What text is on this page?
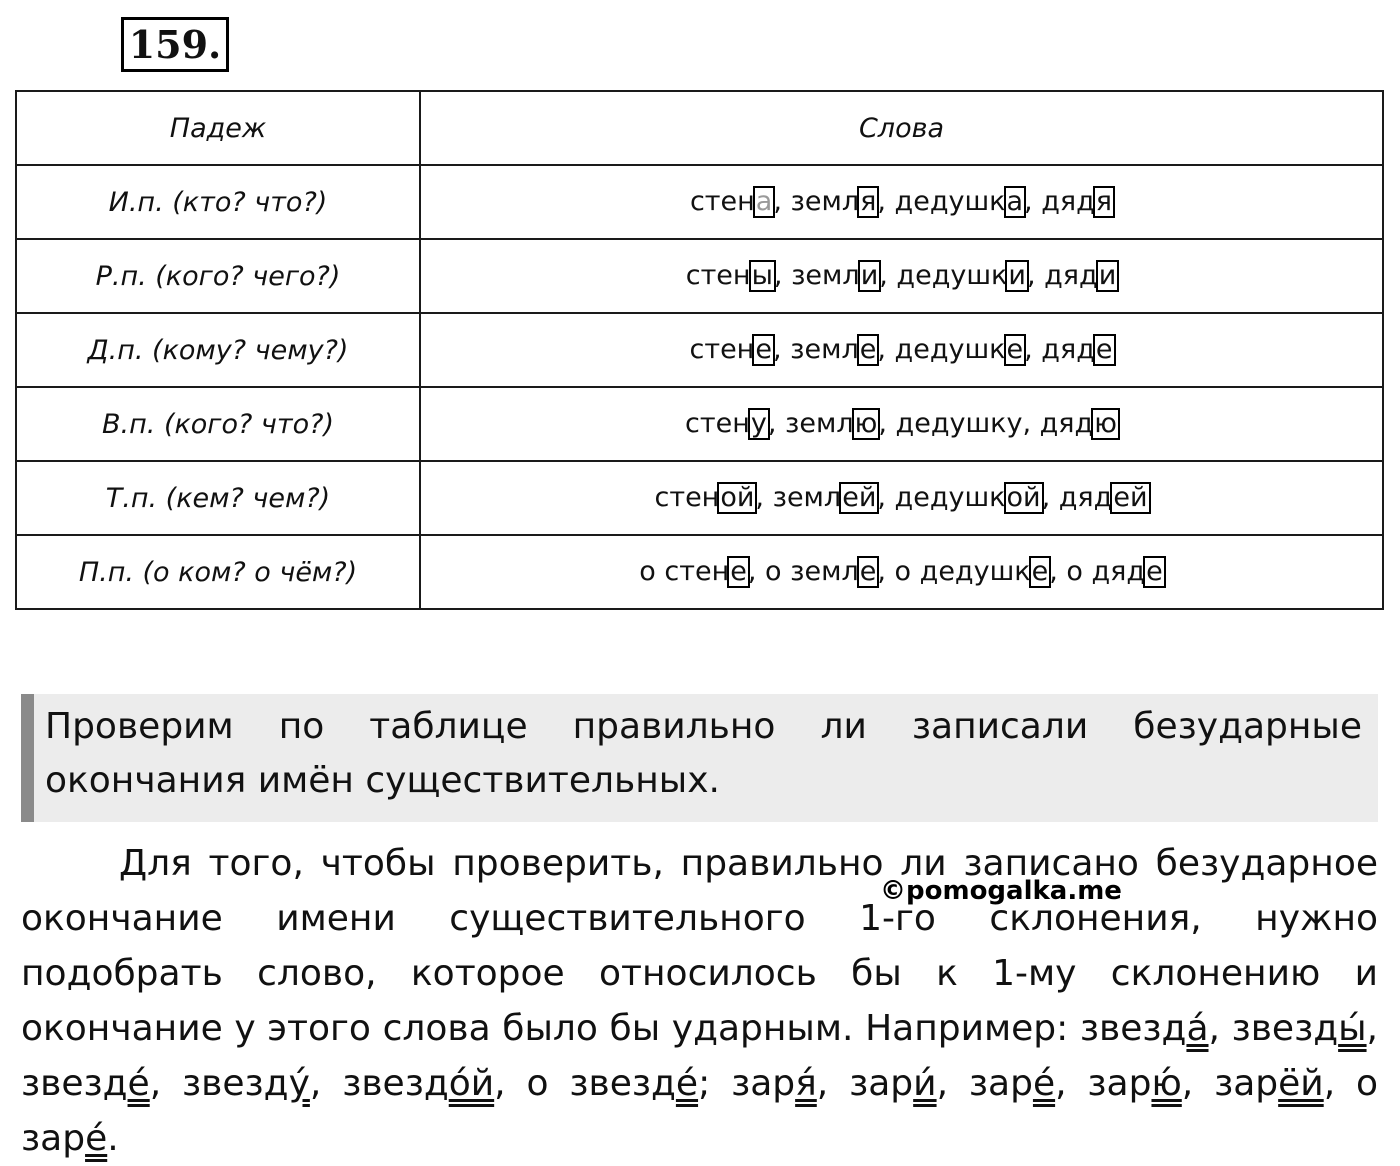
159.
Падеж	Слова
И.п. (кто? что?)	стена, земля, дедушка, дядя
Р.п. (кого? чего?)	стены, земли, дедушки, дяди
Д.п. (кому? чему?)	стене, земле, дедушке, дяде
В.п. (кого? что?)	стену, землю, дедушку, дядю
Т.п. (кем? чем?)	стеной, землей, дедушкой, дядей
П.п. (о ком? о чём?)	о стене, о земле, о дедушке, о дяде
Проверим по таблице правильно ли записали безударные окончания имён существительных.

Для того, чтобы проверить, правильно ли записано безударное окончание имени существительного 1-го склонения, нужно подобрать слово, которое относилось бы к 1-му склонению и окончание у этого слова было бы ударным. Например: звезда́, звезды́, звезде́, звезду́, звездо́й, о звезде́; заря́, зари́, заре́, зарю́, зарёй, о заре́.

©pomogalka.me
